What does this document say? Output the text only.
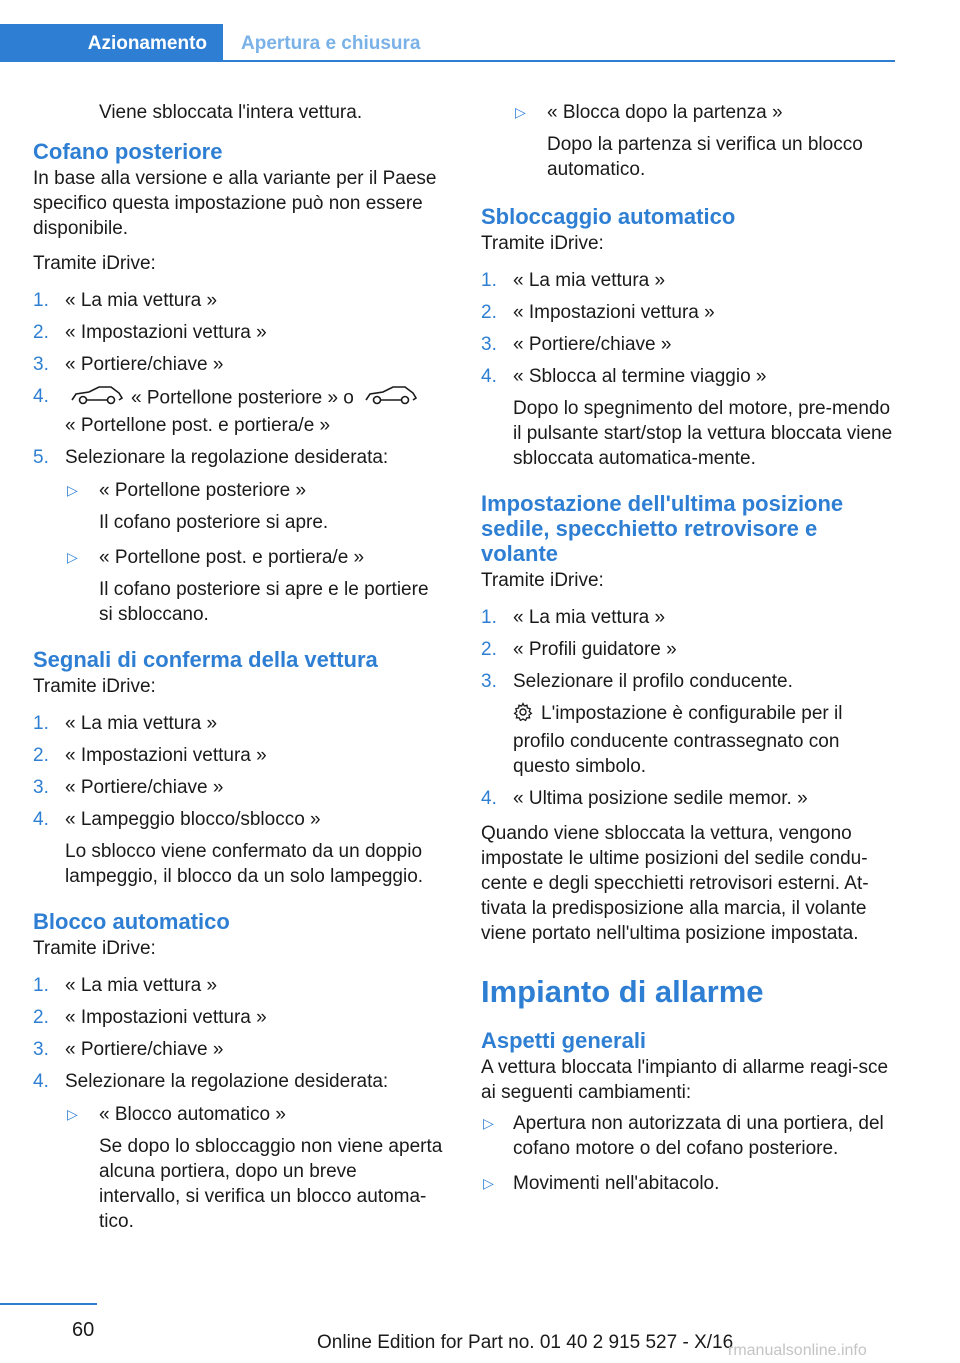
Azionamento	Apertura e chiusura

Viene sbloccata l'intera vettura.

Cofano posteriore

In base alla versione e alla variante per il Paese specifico questa impostazione può non essere disponibile.

Tramite iDrive:

1. « La mia vettura »
2. « Impostazioni vettura »
3. « Portiere/chiave »
4.	« Portellone posteriore » o
« Portellone post. e portiera/e »
5. Selezionare la regolazione desiderata:
▷ « Portellone posteriore »

Il cofano posteriore si apre.

▷ « Portellone post. e portiera/e »

Il cofano posteriore si apre e le portiere si sbloccano.

Segnali di conferma della vettura

Tramite iDrive:

1. « La mia vettura »
2. « Impostazioni vettura »
3. « Portiere/chiave »
4. « Lampeggio blocco/sblocco »

Lo sblocco viene confermato da un doppio lampeggio, il blocco da un solo lampeggio.

Blocco automatico

Tramite iDrive:

1. « La mia vettura »
2. « Impostazioni vettura »
3. « Portiere/chiave »
4. Selezionare la regolazione desiderata:
▷ « Blocco automatico »

Se dopo lo sbloccaggio non viene aperta alcuna portiera, dopo un breve intervallo, si verifica un blocco automa‐tico.

▷ « Blocca dopo la partenza »

Dopo la partenza si verifica un blocco automatico.

Sbloccaggio automatico

Tramite iDrive:

1. « La mia vettura »
2. « Impostazioni vettura »
3. « Portiere/chiave »
4. « Sblocca al termine viaggio »

Dopo lo spegnimento del motore, pre‐mendo il pulsante start/stop la vettura bloccata viene sbloccata automatica‐mente.

Impostazione dell'ultima posizione sedile, specchietto retrovisore e volante

Tramite iDrive:

1. « La mia vettura »
2. « Profili guidatore »
3. Selezionare il profilo conducente.

L'impostazione è configurabile per il profilo conducente contrassegnato con questo simbolo.

4. « Ultima posizione sedile memor. »

Quando viene sbloccata la vettura, vengono impostate le ultime posizioni del sedile condu‐cente e degli specchietti retrovisori esterni. At‐tivata la predisposizione alla marcia, il volante viene portato nell'ultima posizione impostata.

Impianto di allarme
Aspetti generali

A vettura bloccata l'impianto di allarme reagi‐sce ai seguenti cambiamenti:

▷ Apertura non autorizzata di una portiera, del cofano motore o del cofano posteriore.
▷ Movimenti nell'abitacolo.
60
Online Edition for Part no. 01 40 2 915 527 - X/16
rmanualsonline.info
